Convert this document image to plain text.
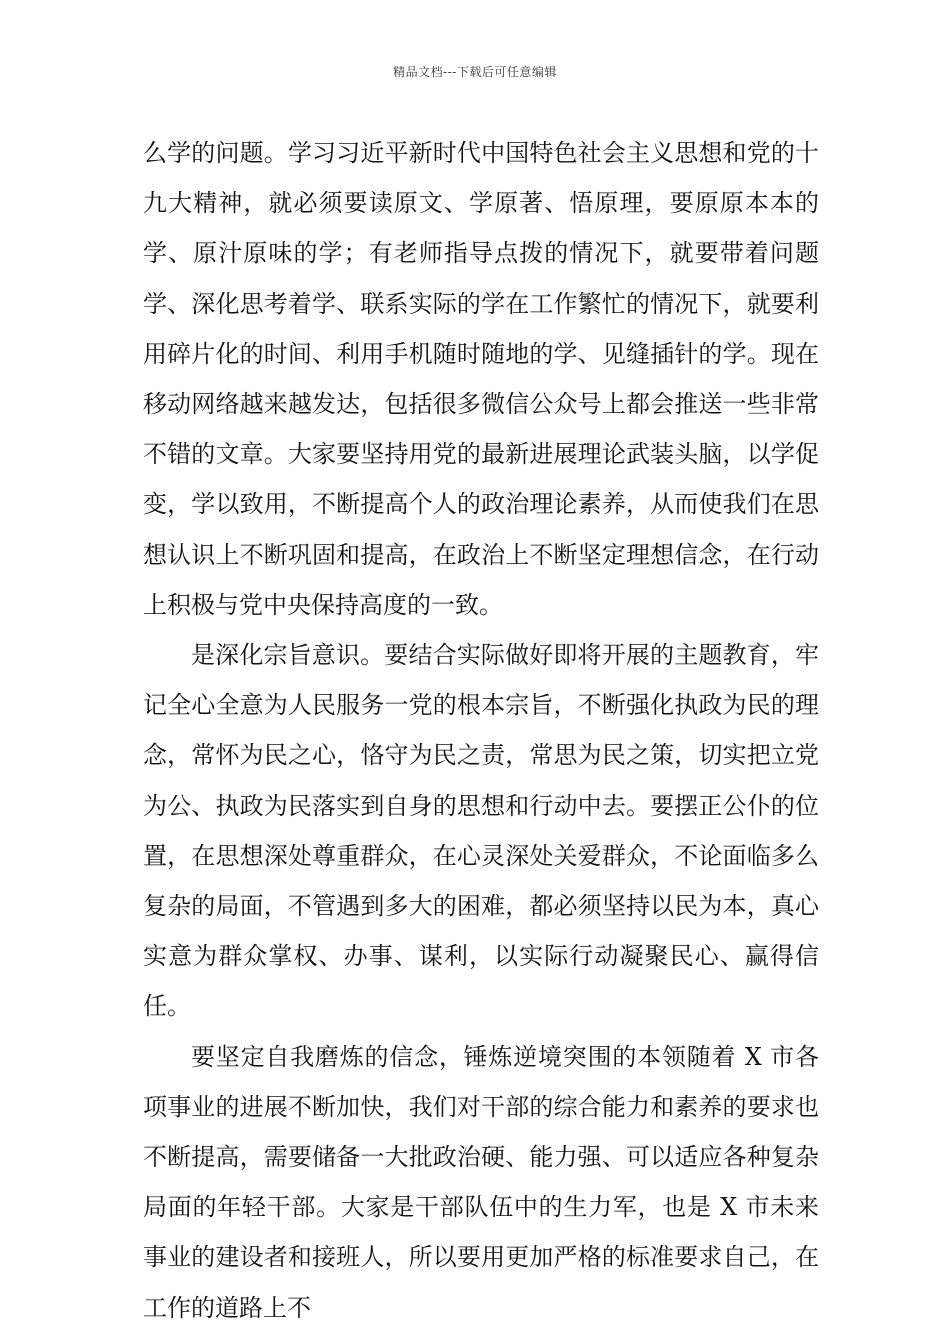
精品文档---下载后可任意编辑

么学的问题。学习习近平新时代中国特色社会主义思想和党的十九大精神，就必须要读原文、学原著、悟原理，要原原本本的学、原汁原味的学；有老师指导点拨的情况下，就要带着问题学、深化思考着学、联系实际的学在工作繁忙的情况下，就要利用碎片化的时间、利用手机随时随地的学、见缝插针的学。现在移动网络越来越发达，包括很多微信公众号上都会推送一些非常不错的文章。大家要坚持用党的最新进展理论武装头脑，以学促变，学以致用，不断提高个人的政治理论素养，从而使我们在思想认识上不断巩固和提高，在政治上不断坚定理想信念，在行动上积极与党中央保持高度的一致。

是深化宗旨意识。要结合实际做好即将开展的主题教育，牢记全心全意为人民服务一党的根本宗旨，不断强化执政为民的理念，常怀为民之心，恪守为民之责，常思为民之策，切实把立党为公、执政为民落实到自身的思想和行动中去。要摆正公仆的位置，在思想深处尊重群众，在心灵深处关爱群众，不论面临多么复杂的局面，不管遇到多大的困难，都必须坚持以民为本，真心实意为群众掌权、办事、谋利，以实际行动凝聚民心、赢得信任。

要坚定自我磨炼的信念，锤炼逆境突围的本领随着 X 市各项事业的进展不断加快，我们对干部的综合能力和素养的要求也不断提高，需要储备一大批政治硬、能力强、可以适应各种复杂局面的年轻干部。大家是干部队伍中的生力军，也是 X 市未来事业的建设者和接班人，所以要用更加严格的标准要求自己，在工作的道路上不
